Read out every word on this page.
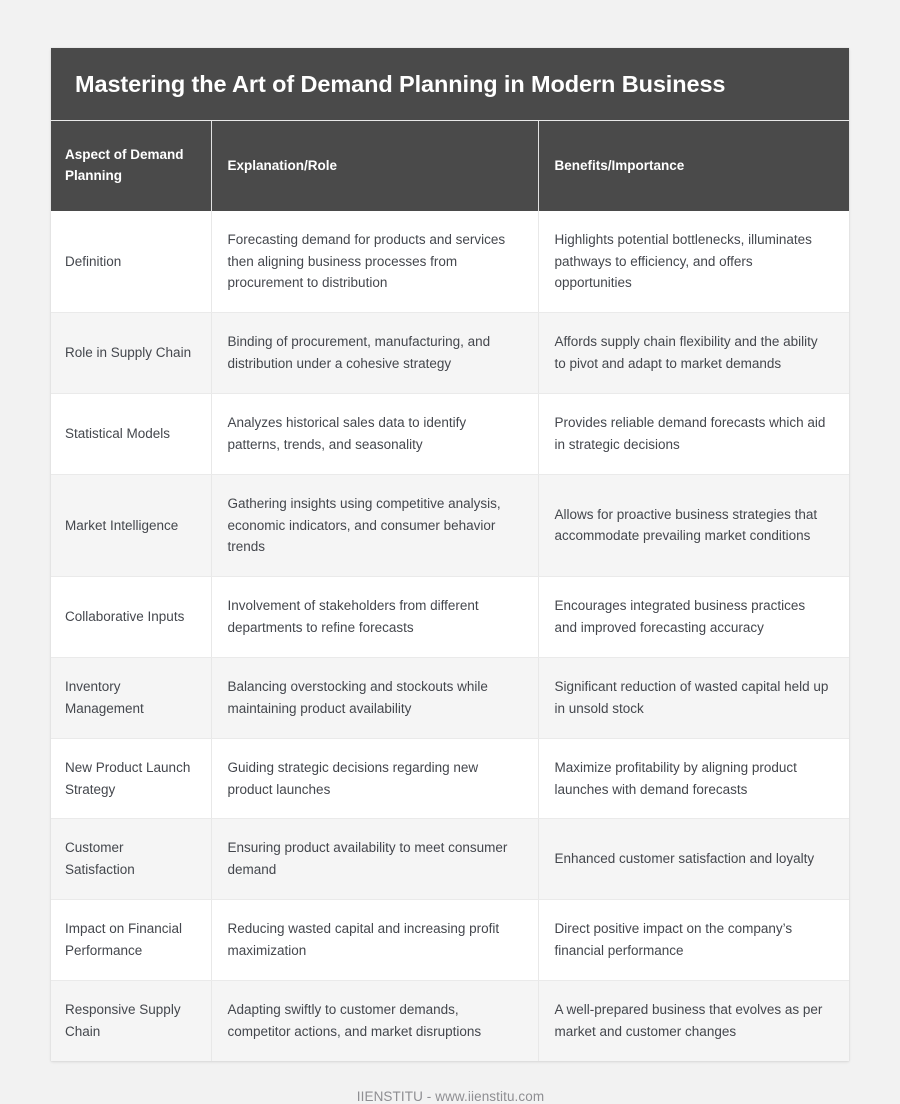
Mastering the Art of Demand Planning in Modern Business
Aspect of Demand Planning	Explanation/Role	Benefits/Importance
Definition	Forecasting demand for products and services then aligning business processes from procurement to distribution	Highlights potential bottlenecks, illuminates pathways to efficiency, and offers opportunities
Role in Supply Chain	Binding of procurement, manufacturing, and distribution under a cohesive strategy	Affords supply chain flexibility and the ability to pivot and adapt to market demands
Statistical Models	Analyzes historical sales data to identify patterns, trends, and seasonality	Provides reliable demand forecasts which aid in strategic decisions
Market Intelligence	Gathering insights using competitive analysis, economic indicators, and consumer behavior trends	Allows for proactive business strategies that accommodate prevailing market conditions
Collaborative Inputs	Involvement of stakeholders from different departments to refine forecasts	Encourages integrated business practices and improved forecasting accuracy
Inventory Management	Balancing overstocking and stockouts while maintaining product availability	Significant reduction of wasted capital held up in unsold stock
New Product Launch Strategy	Guiding strategic decisions regarding new product launches	Maximize profitability by aligning product launches with demand forecasts
Customer Satisfaction	Ensuring product availability to meet consumer demand	Enhanced customer satisfaction and loyalty
Impact on Financial Performance	Reducing wasted capital and increasing profit maximization	Direct positive impact on the company’s financial performance
Responsive Supply Chain	Adapting swiftly to customer demands, competitor actions, and market disruptions	A well-prepared business that evolves as per market and customer changes
IIENSTITU - www.iienstitu.com
